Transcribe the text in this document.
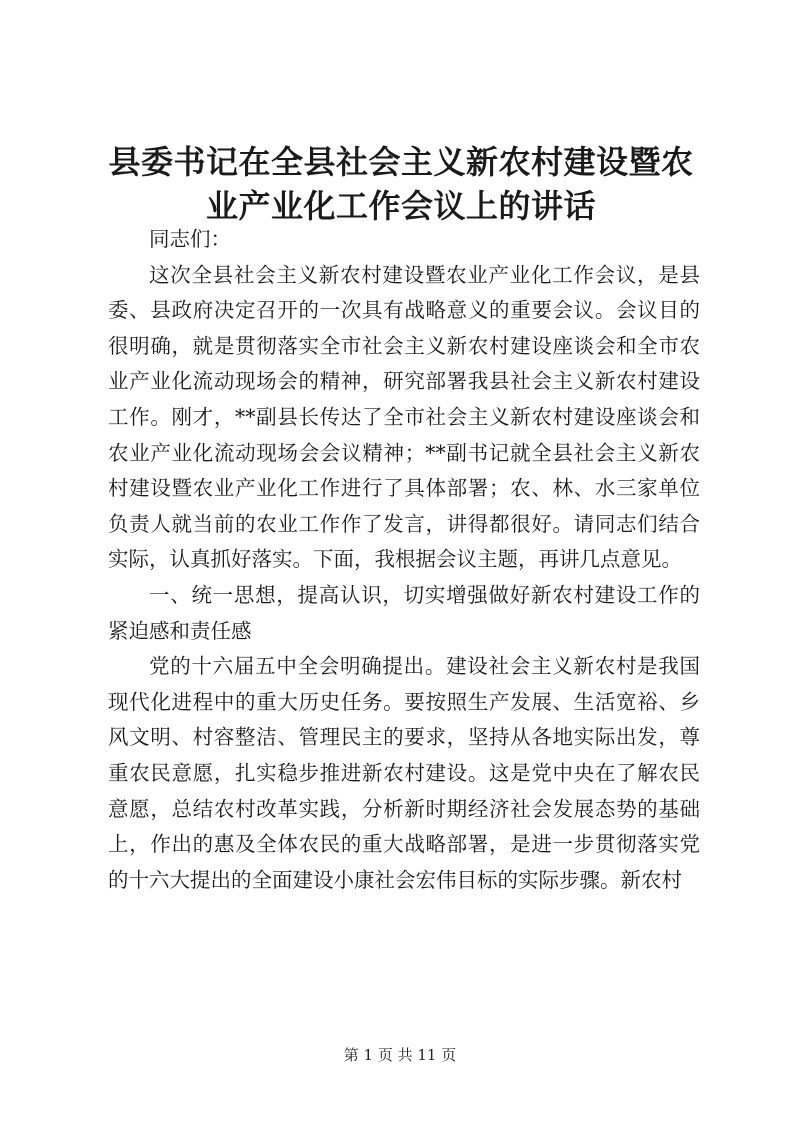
县委书记在全县社会主义新农村建设暨农业产业化工作会议上的讲话

同志们：

这次全县社会主义新农村建设暨农业产业化工作会议，是县委、县政府决定召开的一次具有战略意义的重要会议。会议目的很明确，就是贯彻落实全市社会主义新农村建设座谈会和全市农业产业化流动现场会的精神，研究部署我县社会主义新农村建设工作。刚才，**副县长传达了全市社会主义新农村建设座谈会和农业产业化流动现场会会议精神；**副书记就全县社会主义新农村建设暨农业产业化工作进行了具体部署；农、林、水三家单位负责人就当前的农业工作作了发言，讲得都很好。请同志们结合实际，认真抓好落实。下面，我根据会议主题，再讲几点意见。

一、统一思想，提高认识，切实增强做好新农村建设工作的紧迫感和责任感

党的十六届五中全会明确提出。建设社会主义新农村是我国现代化进程中的重大历史任务。要按照生产发展、生活宽裕、乡风文明、村容整洁、管理民主的要求，坚持从各地实际出发，尊重农民意愿，扎实稳步推进新农村建设。这是党中央在了解农民意愿，总结农村改革实践，分析新时期经济社会发展态势的基础上，作出的惠及全体农民的重大战略部署，是进一步贯彻落实党的十六大提出的全面建设小康社会宏伟目标的实际步骤。新农村

第 1 页 共 11 页
